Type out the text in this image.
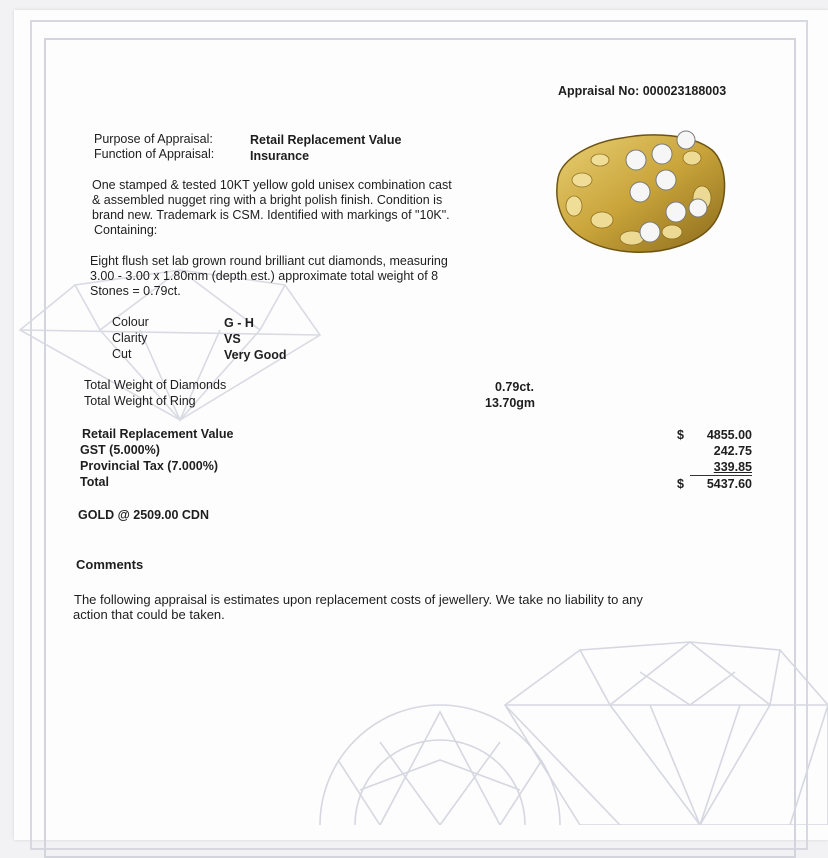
Appraisal No: 000023188003
Purpose of Appraisal:	Retail Replacement Value
Function of Appraisal:	Insurance
One stamped & tested 10KT yellow gold unisex combination cast
& assembled nugget ring with a bright polish finish. Condition is
brand new. Trademark is CSM. Identified with markings of "10K".
Containing:
Eight flush set lab grown round brilliant cut diamonds, measuring
3.00 - 3.00 x 1.80mm (depth est.) approximate total weight of 8
Stones = 0.79ct.
Colour	G - H
Clarity	VS
Cut	Very Good
Total Weight of Diamonds	0.79ct.
Total Weight of Ring	13.70gm
Retail Replacement Value	$	4855.00
GST (5.000%)	242.75
Provincial Tax (7.000%)	339.85
Total	$	5437.60
GOLD @ 2509.00 CDN
Comments
The following appraisal is estimates upon replacement costs of jewellery. We take no liability to any
action that could be taken.
